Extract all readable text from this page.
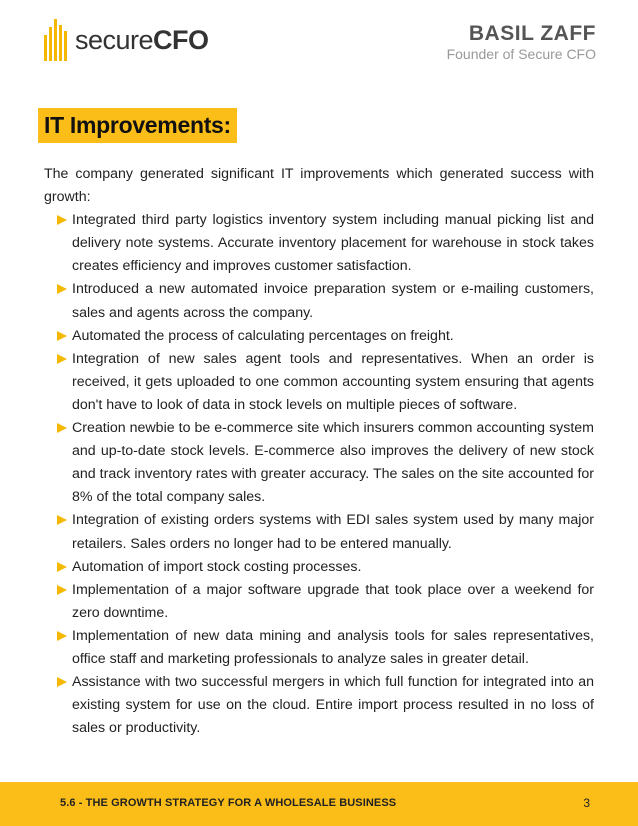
secureCFO	BASIL ZAFF
Founder of Secure CFO
IT Improvements:

The company generated significant IT improvements which generated success with growth:

Integrated third party logistics inventory system including manual picking list and delivery note systems. Accurate inventory placement for warehouse in stock takes creates efficiency and improves customer satisfaction.
Introduced a new automated invoice preparation system or e-mailing customers, sales and agents across the company.
Automated the process of calculating percentages on freight.
Integration of new sales agent tools and representatives. When an order is received, it gets uploaded to one common accounting system ensuring that agents don't have to look of data in stock levels on multiple pieces of software.
Creation newbie to be e-commerce site which insurers common accounting system and up-to-date stock levels. E-commerce also improves the delivery of new stock and track inventory rates with greater accuracy. The sales on the site accounted for 8% of the total company sales.
Integration of existing orders systems with EDI sales system used by many major retailers. Sales orders no longer had to be entered manually.
Automation of import stock costing processes.
Implementation of a major software upgrade that took place over a weekend for zero downtime.
Implementation of new data mining and analysis tools for sales representatives, office staff and marketing professionals to analyze sales in greater detail.
Assistance with two successful mergers in which full function for integrated into an existing system for use on the cloud. Entire import process resulted in no loss of sales or productivity.
5.6 - THE GROWTH STRATEGY FOR A WHOLESALE BUSINESS	3
